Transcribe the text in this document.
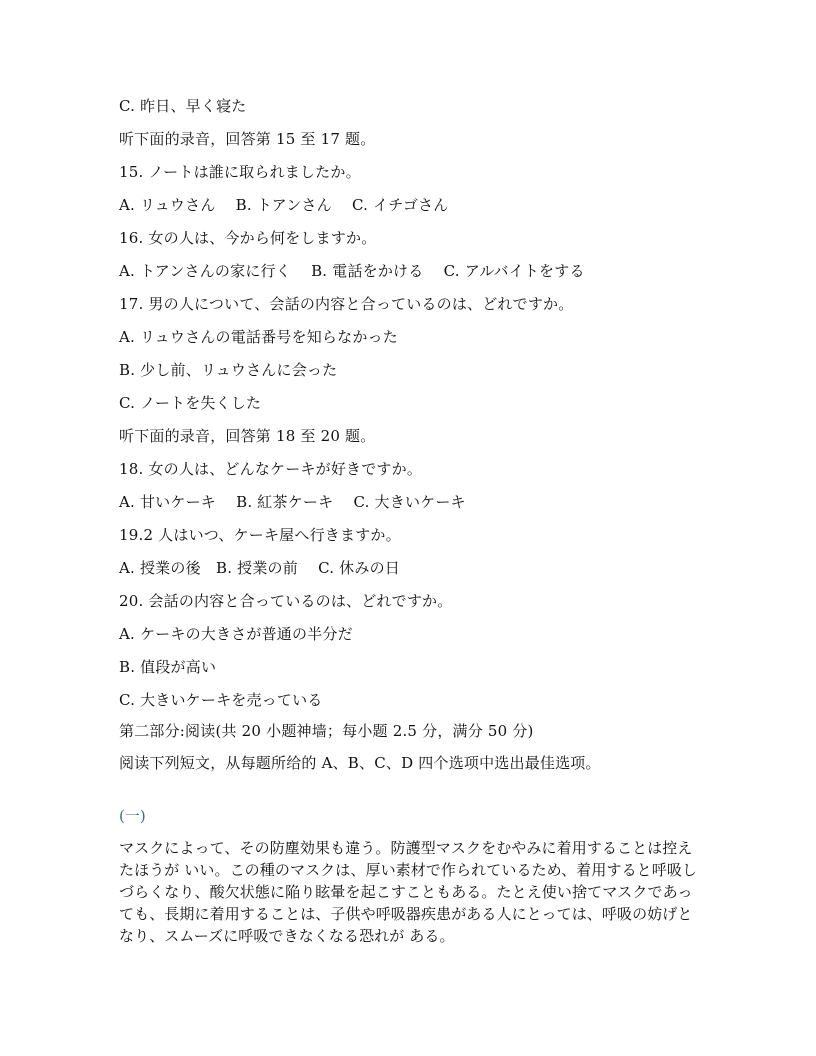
C. 昨日、早く寝た
听下面的录音，回答第 15 至 17 题。
15. ノートは誰に取られましたか。
A. リュウさん　 B. トアンさん　 C. イチゴさん
16. 女の人は、今から何をしますか。
A. トアンさんの家に行く　 B. 電話をかける　 C. アルバイトをする
17. 男の人について、会話の内容と合っているのは、どれですか。
A. リュウさんの電話番号を知らなかった
B. 少し前、リュウさんに会った
C. ノートを失くした
听下面的录音，回答第 18 至 20 题。
18. 女の人は、どんなケーキが好きですか。
A. 甘いケーキ　 B. 紅茶ケーキ　 C. 大きいケーキ
19.2 人はいつ、ケーキ屋へ行きますか。
A. 授業の後　B. 授業の前　 C. 休みの日
20. 会話の内容と合っているのは、どれですか。
A. ケーキの大きさが普通の半分だ
B. 值段が高い
C. 大きいケーキを売っている
第二部分:阅读(共 20 小题神墙；每小题 2.5 分，满分 50 分)
阅读下列短文，从每题所给的 A、B、C、D 四个选项中选出最佳选项。
(一)
マスクによって、その防塵効果も違う。防護型マスクをむやみに着用することは控えたほうが いい。この種のマスクは、厚い素材で作られているため、着用すると呼吸しづらくなり、酸欠状態に陥り眩暈を起こすこともある。たとえ使い捨てマスクであっても、長期に着用することは、子供や呼吸器疾患がある人にとっては、呼吸の妨げとなり、スムーズに呼吸できなくなる恐れが ある。
